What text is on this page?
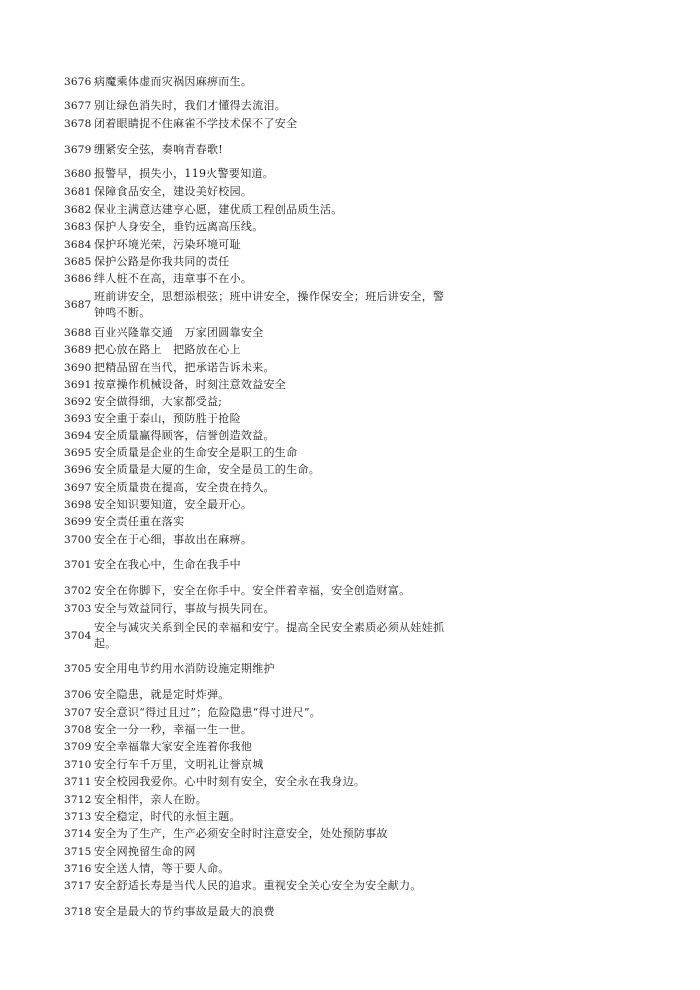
3676 病魔乘体虚而灾祸因麻痹而生。
3677 别让绿色消失时，我们才懂得去流泪。
3678 闭着眼睛捉不住麻雀不学技术保不了安全
3679 绷紧安全弦，奏响青春歌!
3680 报警早，损失小，119火警要知道。
3681 保障食品安全，建设美好校园。
3682 保业主满意达建亨心愿，建优质工程创品质生活。
3683 保护人身安全，垂钓远离高压线。
3684 保护环境光荣，污染环境可耻
3685 保护公路是你我共同的责任
3686 绊人桩不在高，违章事不在小。
3687
班前讲安全，思想添根弦；班中讲安全，操作保安全；班后讲安全，警钟鸣不断。
3688 百业兴隆靠交通　万家团圆靠安全
3689 把心放在路上　把路放在心上
3690 把精品留在当代，把承诺告诉未来。
3691 按章操作机械设备，时刻注意效益安全
3692 安全做得细，大家都受益;
3693 安全重于泰山，预防胜于抢险
3694 安全质量赢得顾客，信誉创造效益。
3695 安全质量是企业的生命安全是职工的生命
3696 安全质量是大厦的生命，安全是员工的生命。
3697 安全质量贵在提高，安全贵在持久。
3698 安全知识要知道，安全最开心。
3699 安全责任重在落实
3700 安全在于心细，事故出在麻痹。
3701 安全在我心中，生命在我手中
3702 安全在你脚下，安全在你手中。安全伴着幸福，安全创造财富。
3703 安全与效益同行，事故与损失同在。
3704
安全与减灾关系到全民的幸福和安宁。提高全民安全素质必须从娃娃抓起。
3705 安全用电节约用水消防设施定期维护
3706 安全隐患，就是定时炸弹。
3707 安全意识“得过且过”；危险隐患“得寸进尺”。
3708 安全一分一秒，幸福一生一世。
3709 安全幸福靠大家安全连着你我他
3710 安全行车千万里，文明礼让誉京城
3711 安全校园我爱你。心中时刻有安全，安全永在我身边。
3712 安全相伴，亲人在盼。
3713 安全稳定，时代的永恒主题。
3714 安全为了生产，生产必须安全时时注意安全，处处预防事故
3715 安全网挽留生命的网
3716 安全送人情，等于要人命。
3717 安全舒适长寿是当代人民的追求。重视安全关心安全为安全献力。
3718 安全是最大的节约事故是最大的浪费
